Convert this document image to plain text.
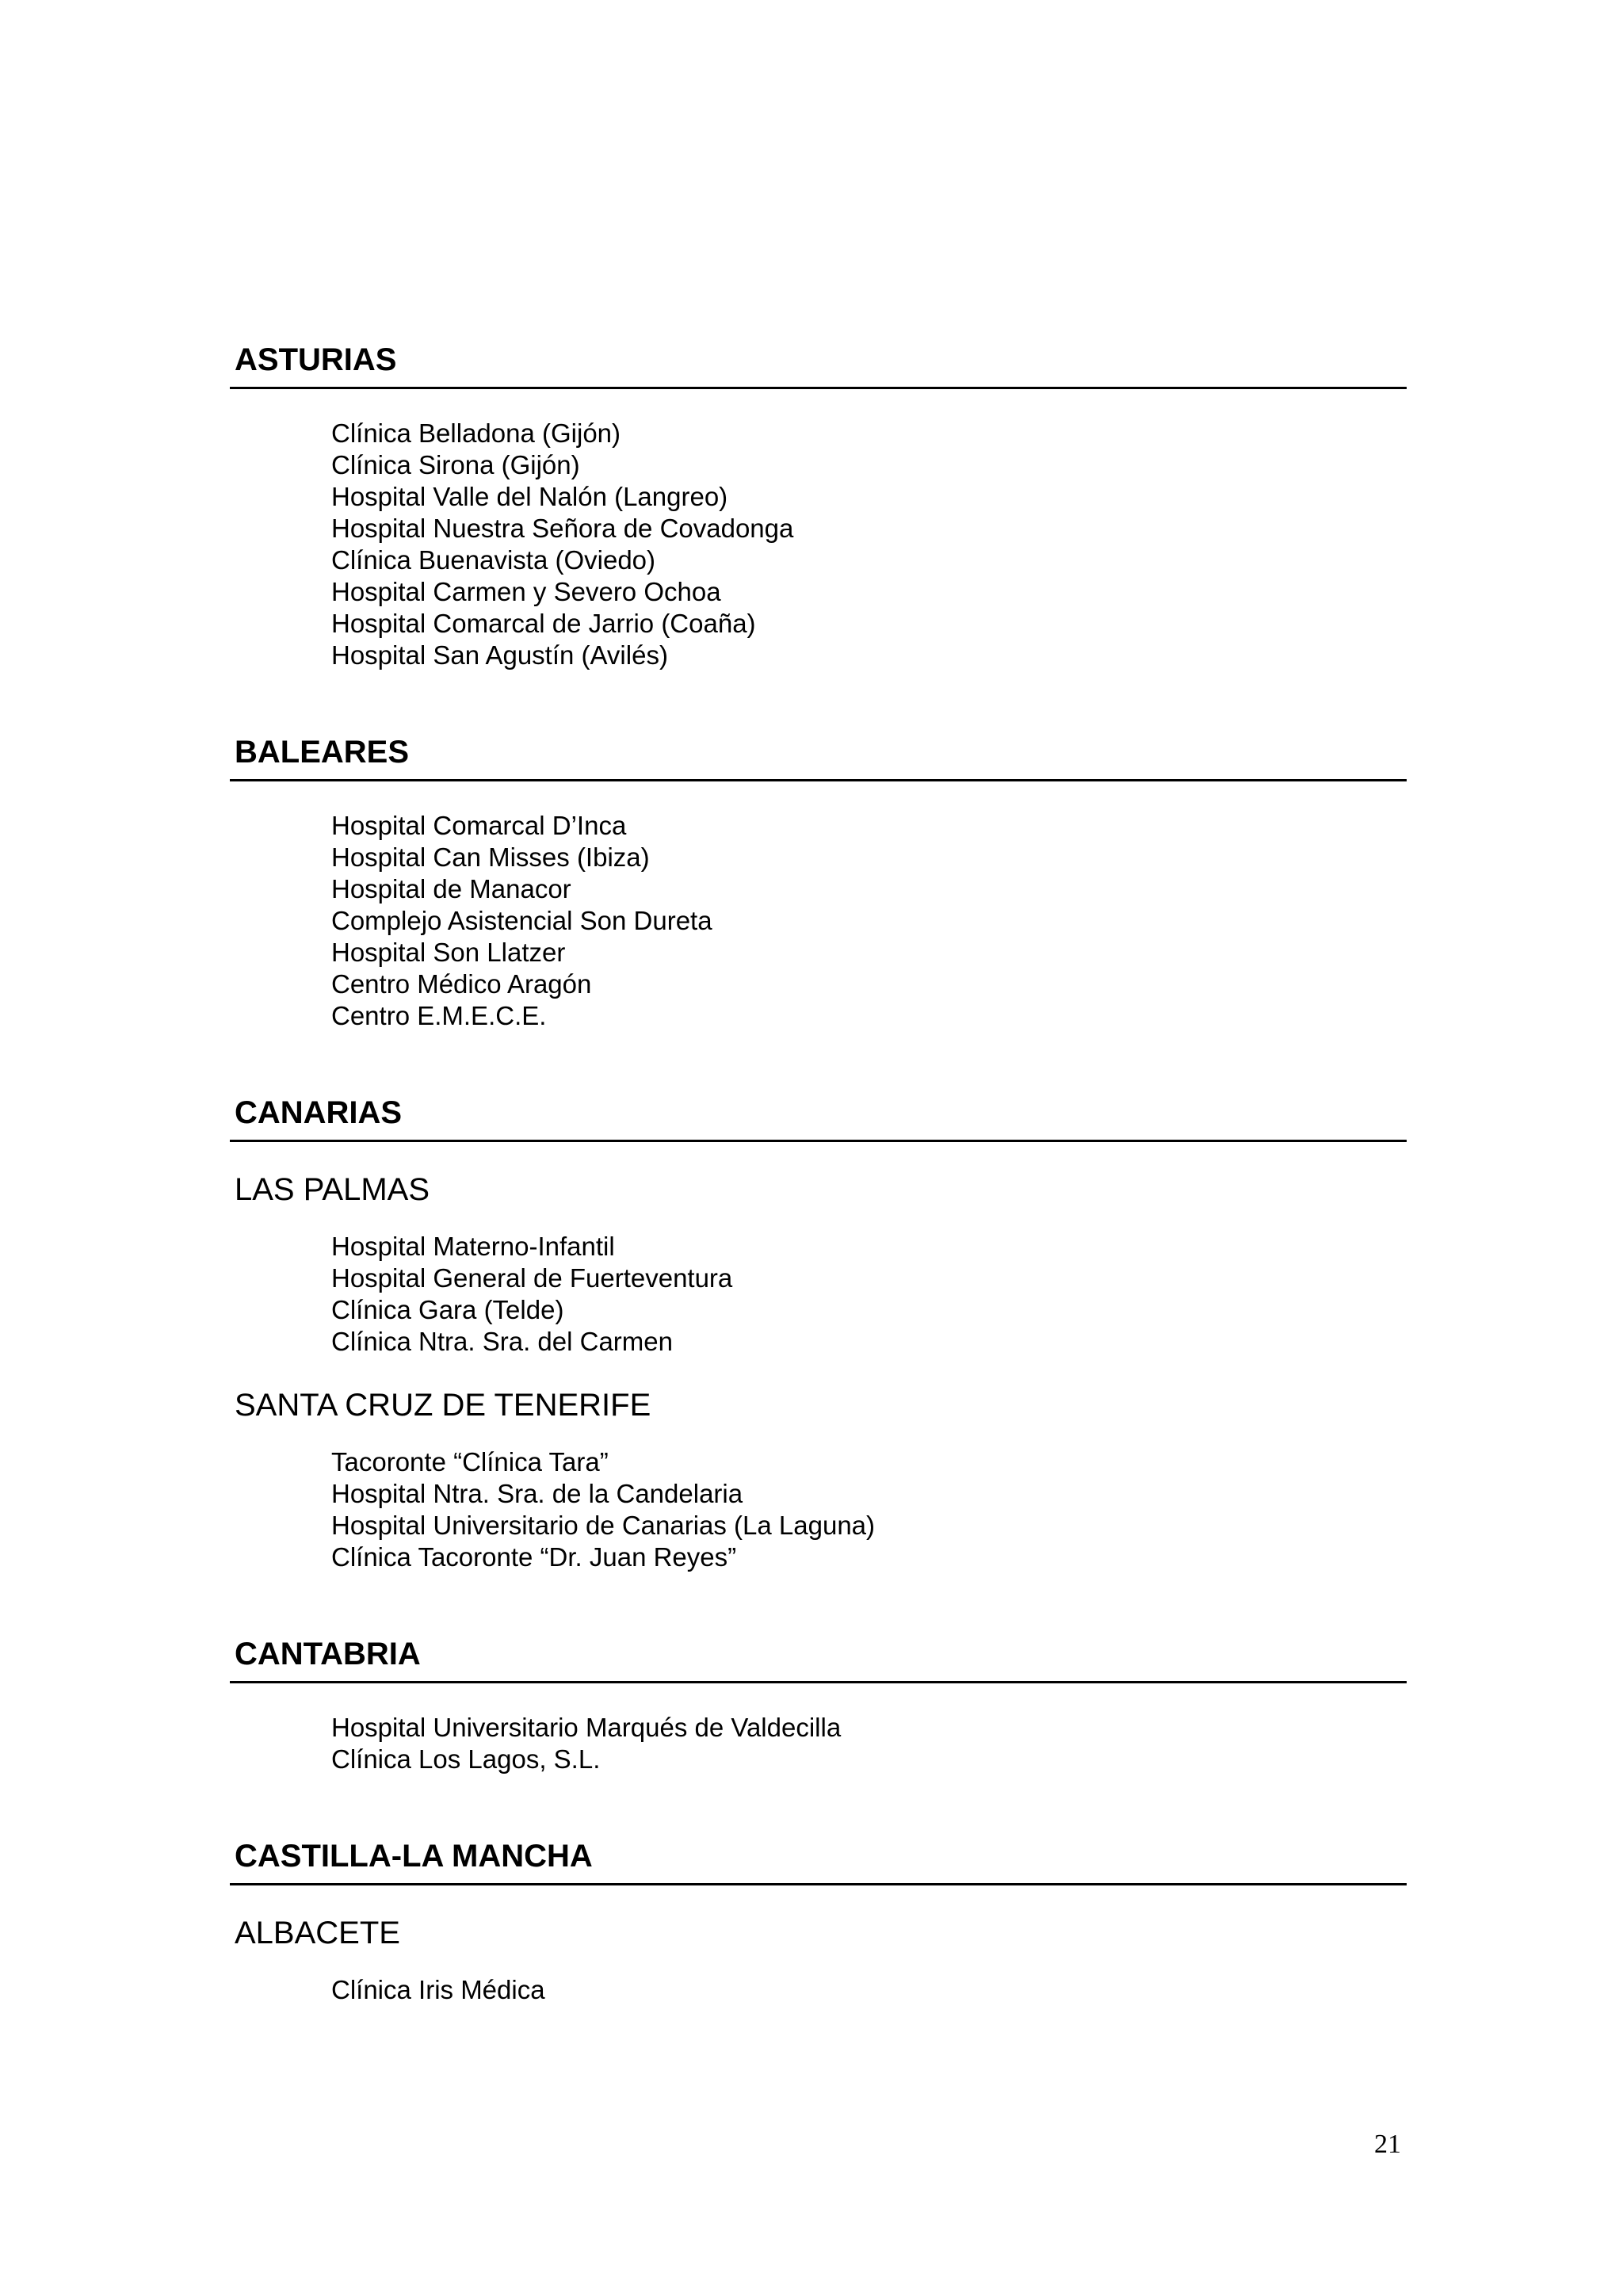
ASTURIAS
Clínica Belladona (Gijón)
Clínica Sirona (Gijón)
Hospital Valle del Nalón (Langreo)
Hospital Nuestra Señora de Covadonga
Clínica Buenavista (Oviedo)
Hospital Carmen y Severo Ochoa
Hospital Comarcal de Jarrio (Coaña)
Hospital San Agustín (Avilés)
BALEARES
Hospital Comarcal D’Inca
Hospital Can Misses (Ibiza)
Hospital de Manacor
Complejo Asistencial Son Dureta
Hospital Son Llatzer
Centro Médico Aragón
Centro E.M.E.C.E.
CANARIAS
LAS PALMAS
Hospital Materno-Infantil
Hospital General de Fuerteventura
Clínica Gara (Telde)
Clínica Ntra. Sra. del Carmen
SANTA CRUZ DE TENERIFE
Tacoronte “Clínica Tara”
Hospital Ntra. Sra. de la Candelaria
Hospital Universitario de Canarias (La Laguna)
Clínica Tacoronte “Dr. Juan Reyes”
CANTABRIA
Hospital Universitario Marqués de Valdecilla
Clínica Los Lagos, S.L.
CASTILLA-LA MANCHA
ALBACETE
Clínica Iris Médica
21
